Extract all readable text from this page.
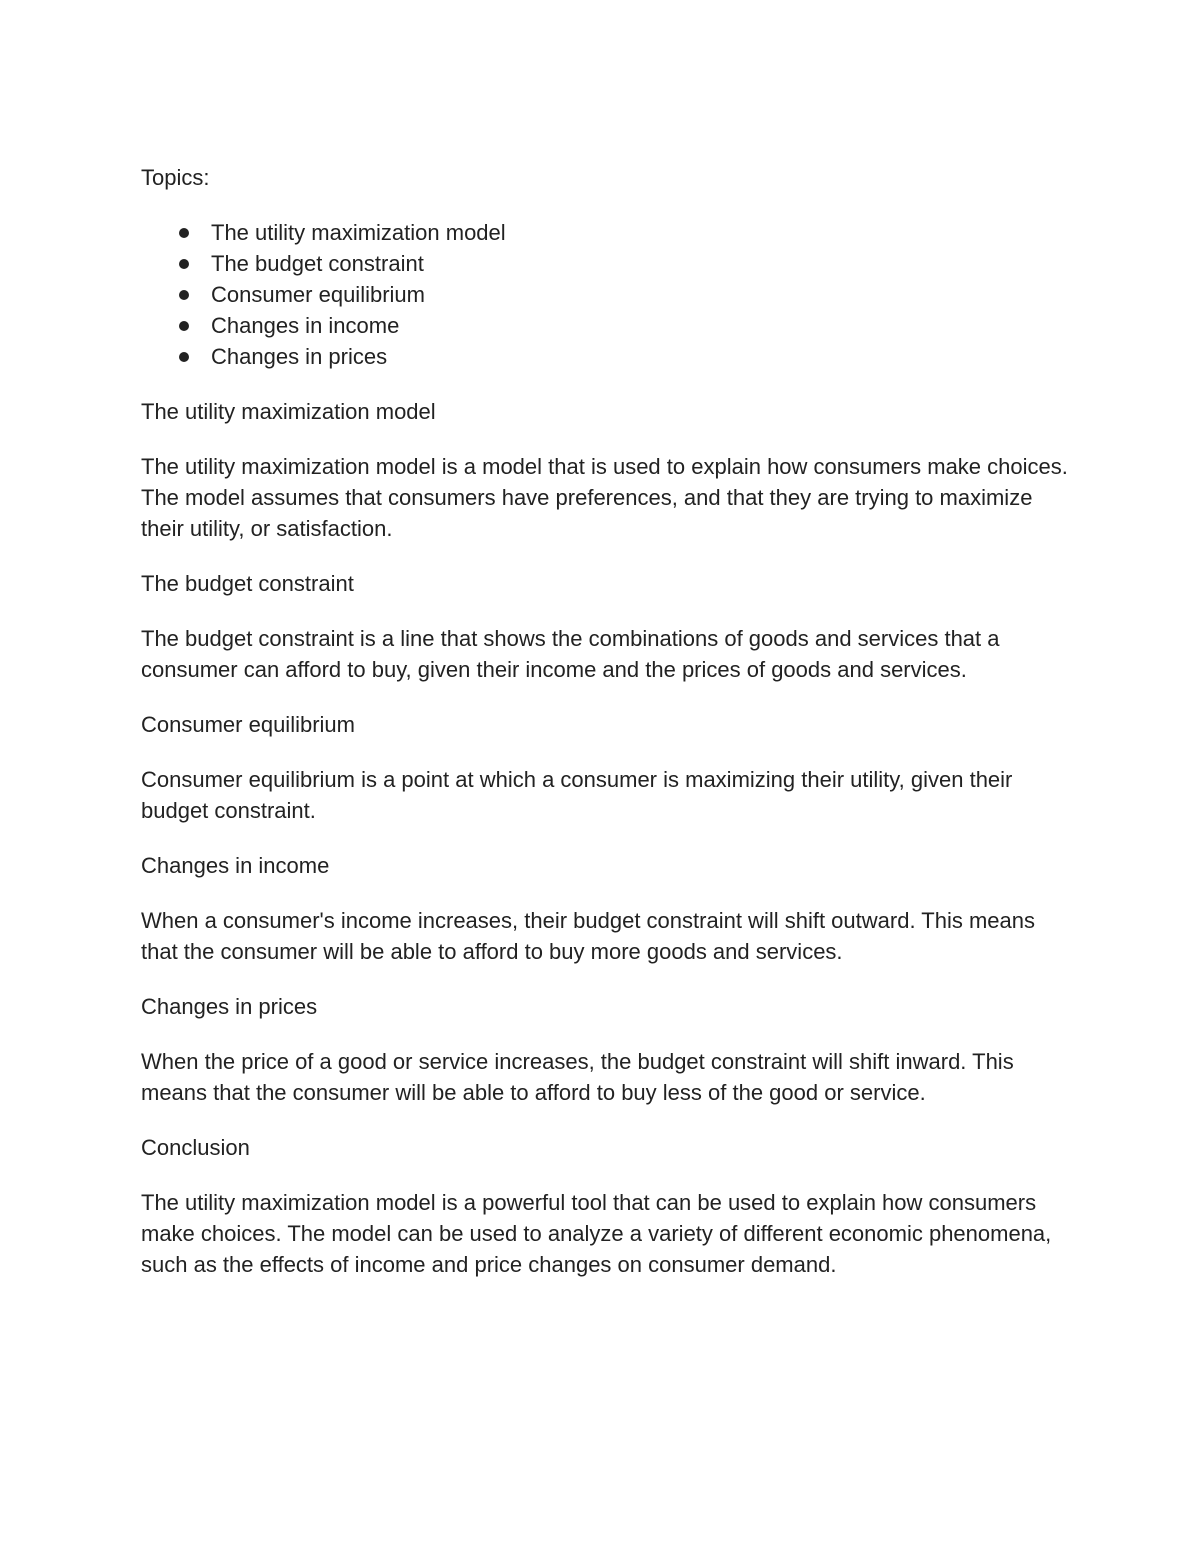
Topics:

The utility maximization model
The budget constraint
Consumer equilibrium
Changes in income
Changes in prices

The utility maximization model

The utility maximization model is a model that is used to explain how consumers make choices. The model assumes that consumers have preferences, and that they are trying to maximize their utility, or satisfaction.

The budget constraint

The budget constraint is a line that shows the combinations of goods and services that a consumer can afford to buy, given their income and the prices of goods and services.

Consumer equilibrium

Consumer equilibrium is a point at which a consumer is maximizing their utility, given their budget constraint.

Changes in income

When a consumer's income increases, their budget constraint will shift outward. This means that the consumer will be able to afford to buy more goods and services.

Changes in prices

When the price of a good or service increases, the budget constraint will shift inward. This means that the consumer will be able to afford to buy less of the good or service.

Conclusion

The utility maximization model is a powerful tool that can be used to explain how consumers make choices. The model can be used to analyze a variety of different economic phenomena, such as the effects of income and price changes on consumer demand.
